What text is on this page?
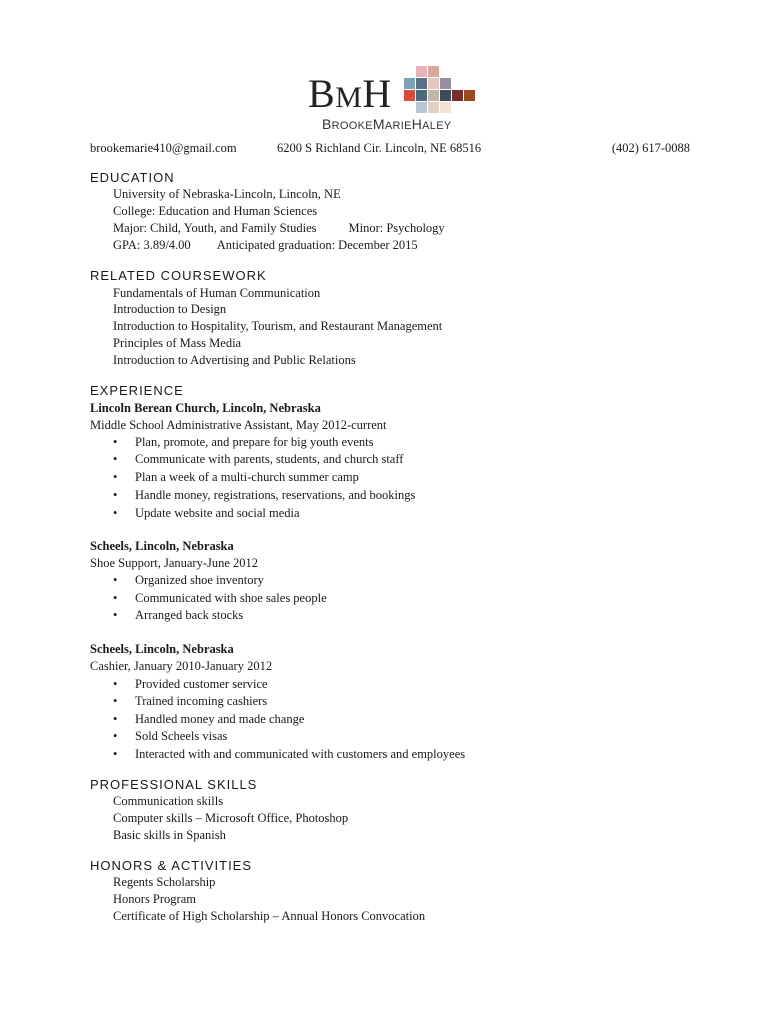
BMH
BROOKEMARIEHALEY
brookemarie410@gmail.com	6200 S Richland Cir. Lincoln, NE 68516	(402) 617-0088
EDUCATION
University of Nebraska-Lincoln, Lincoln, NE
College: Education and Human Sciences
Major: Child, Youth, and Family Studies	Minor: Psychology
GPA: 3.89/4.00 Anticipated graduation: December 2015
RELATED COURSEWORK
Fundamentals of Human Communication
Introduction to Design
Introduction to Hospitality, Tourism, and Restaurant Management
Principles of Mass Media
Introduction to Advertising and Public Relations
EXPERIENCE
Lincoln Berean Church, Lincoln, Nebraska
Middle School Administrative Assistant, May 2012-current
• Plan, promote, and prepare for big youth events
• Communicate with parents, students, and church staff
• Plan a week of a multi-church summer camp
• Handle money, registrations, reservations, and bookings
• Update website and social media
Scheels, Lincoln, Nebraska
Shoe Support, January-June 2012
• Organized shoe inventory
• Communicated with shoe sales people
• Arranged back stocks
Scheels, Lincoln, Nebraska
Cashier, January 2010-January 2012
• Provided customer service
• Trained incoming cashiers
• Handled money and made change
• Sold Scheels visas
• Interacted with and communicated with customers and employees
PROFESSIONAL SKILLS
Communication skills
Computer skills – Microsoft Office, Photoshop
Basic skills in Spanish
HONORS & ACTIVITIES
Regents Scholarship
Honors Program
Certificate of High Scholarship – Annual Honors Convocation
